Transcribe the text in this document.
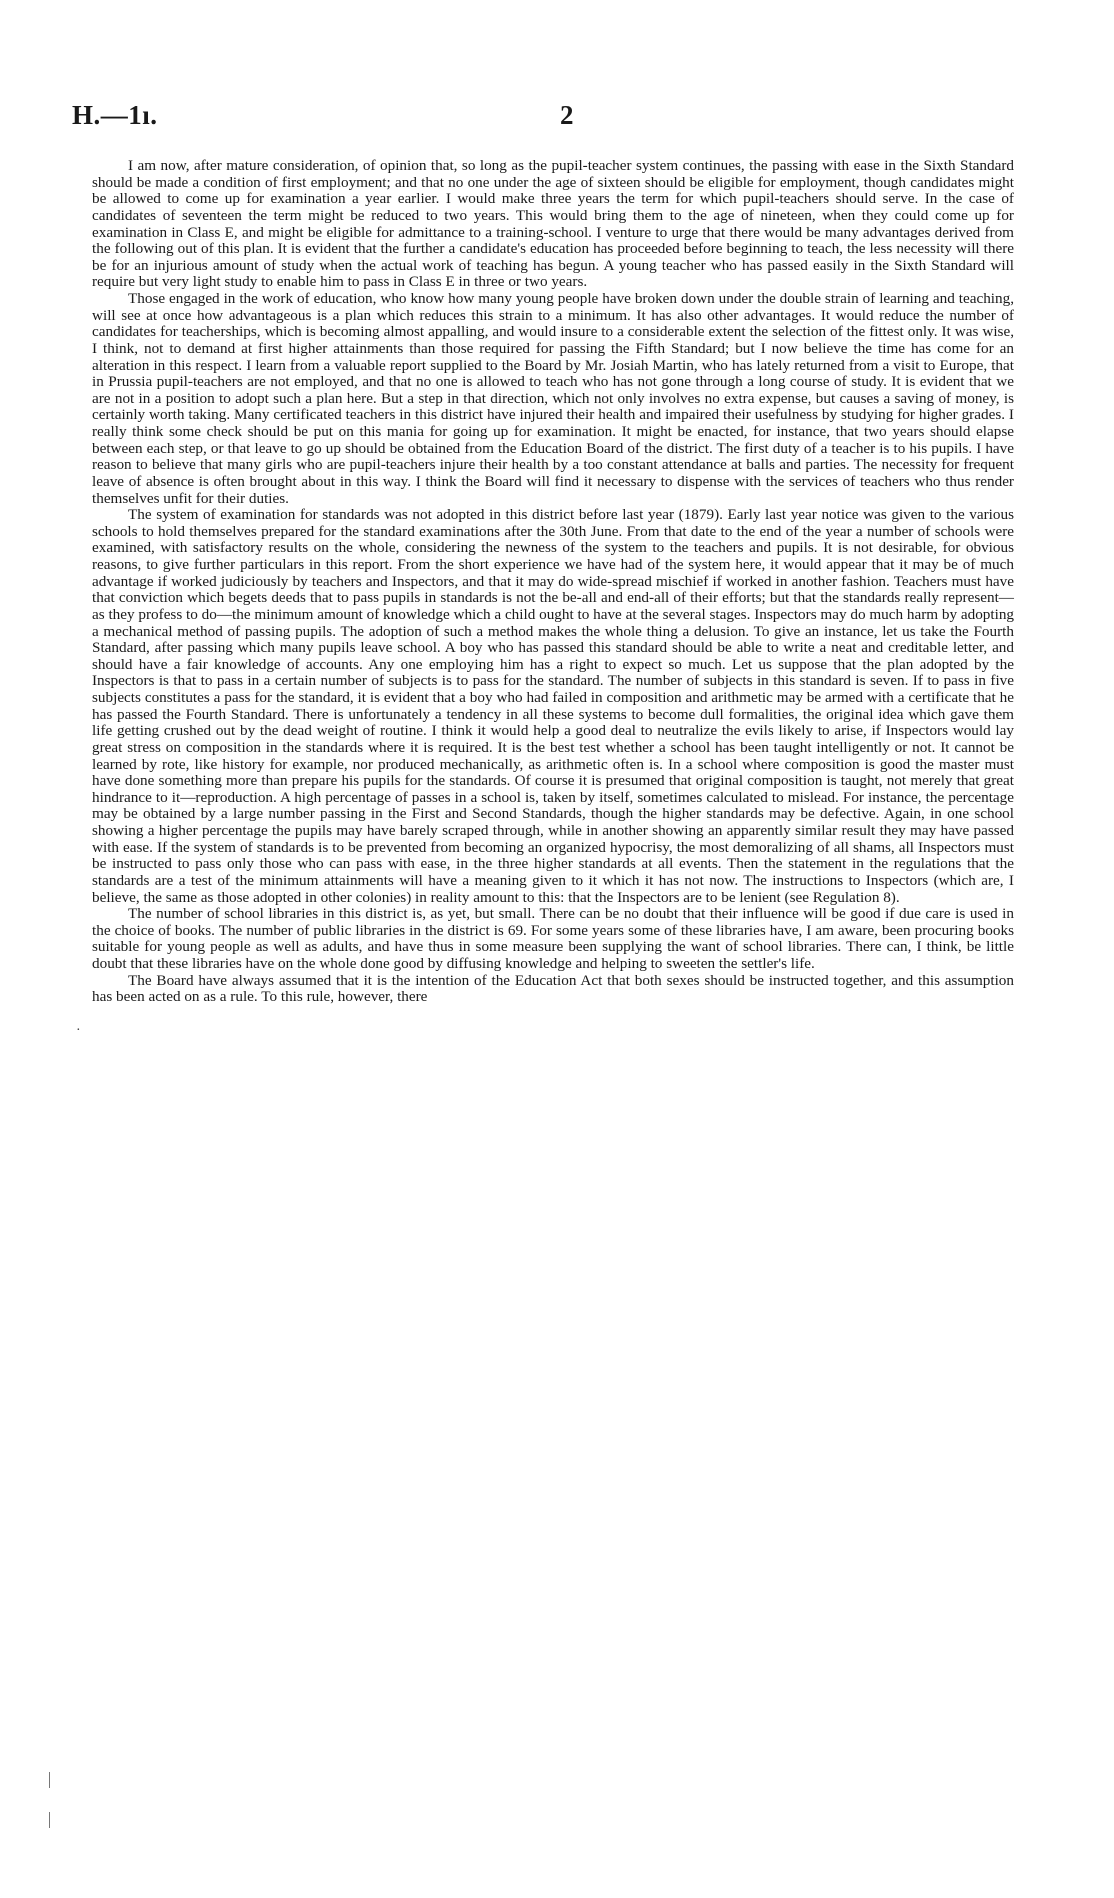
H.—1ı.	2

I am now, after mature consideration, of opinion that, so long as the pupil-teacher system continues, the passing with ease in the Sixth Standard should be made a condition of first employment; and that no one under the age of sixteen should be eligible for employment, though candidates might be allowed to come up for examination a year earlier. I would make three years the term for which pupil-teachers should serve. In the case of candidates of seventeen the term might be reduced to two years. This would bring them to the age of nineteen, when they could come up for examination in Class E, and might be eligible for admittance to a training-school. I venture to urge that there would be many advantages derived from the following out of this plan. It is evident that the further a candidate's education has proceeded before beginning to teach, the less necessity will there be for an injurious amount of study when the actual work of teaching has begun. A young teacher who has passed easily in the Sixth Standard will require but very light study to enable him to pass in Class E in three or two years.

Those engaged in the work of education, who know how many young people have broken down under the double strain of learning and teaching, will see at once how advantageous is a plan which reduces this strain to a minimum. It has also other advantages. It would reduce the number of candidates for teacherships, which is becoming almost appalling, and would insure to a considerable extent the selection of the fittest only. It was wise, I think, not to demand at first higher attainments than those required for passing the Fifth Standard; but I now believe the time has come for an alteration in this respect. I learn from a valuable report supplied to the Board by Mr. Josiah Martin, who has lately returned from a visit to Europe, that in Prussia pupil-teachers are not employed, and that no one is allowed to teach who has not gone through a long course of study. It is evident that we are not in a position to adopt such a plan here. But a step in that direction, which not only involves no extra expense, but causes a saving of money, is certainly worth taking. Many certificated teachers in this district have injured their health and impaired their usefulness by studying for higher grades. I really think some check should be put on this mania for going up for examination. It might be enacted, for instance, that two years should elapse between each step, or that leave to go up should be obtained from the Education Board of the district. The first duty of a teacher is to his pupils. I have reason to believe that many girls who are pupil-teachers injure their health by a too constant attendance at balls and parties. The necessity for frequent leave of absence is often brought about in this way. I think the Board will find it necessary to dispense with the services of teachers who thus render themselves unfit for their duties.

The system of examination for standards was not adopted in this district before last year (1879). Early last year notice was given to the various schools to hold themselves prepared for the standard examinations after the 30th June. From that date to the end of the year a number of schools were examined, with satisfactory results on the whole, considering the newness of the system to the teachers and pupils. It is not desirable, for obvious reasons, to give further particulars in this report. From the short experience we have had of the system here, it would appear that it may be of much advantage if worked judiciously by teachers and Inspectors, and that it may do wide-spread mischief if worked in another fashion. Teachers must have that conviction which begets deeds that to pass pupils in standards is not the be-all and end-all of their efforts; but that the standards really represent—as they profess to do—the minimum amount of knowledge which a child ought to have at the several stages. Inspectors may do much harm by adopting a mechanical method of passing pupils. The adoption of such a method makes the whole thing a delusion. To give an instance, let us take the Fourth Standard, after passing which many pupils leave school. A boy who has passed this standard should be able to write a neat and creditable letter, and should have a fair knowledge of accounts. Any one employing him has a right to expect so much. Let us suppose that the plan adopted by the Inspectors is that to pass in a certain number of subjects is to pass for the standard. The number of subjects in this standard is seven. If to pass in five subjects constitutes a pass for the standard, it is evident that a boy who had failed in composition and arithmetic may be armed with a certificate that he has passed the Fourth Standard. There is unfortunately a tendency in all these systems to become dull formalities, the original idea which gave them life getting crushed out by the dead weight of routine. I think it would help a good deal to neutralize the evils likely to arise, if Inspectors would lay great stress on composition in the standards where it is required. It is the best test whether a school has been taught intelligently or not. It cannot be learned by rote, like history for example, nor produced mechanically, as arithmetic often is. In a school where composition is good the master must have done something more than prepare his pupils for the standards. Of course it is presumed that original composition is taught, not merely that great hindrance to it—reproduction. A high percentage of passes in a school is, taken by itself, sometimes calculated to mislead. For instance, the percentage may be obtained by a large number passing in the First and Second Standards, though the higher standards may be defective. Again, in one school showing a higher percentage the pupils may have barely scraped through, while in another showing an apparently similar result they may have passed with ease. If the system of standards is to be prevented from becoming an organized hypocrisy, the most demoralizing of all shams, all Inspectors must be instructed to pass only those who can pass with ease, in the three higher standards at all events. Then the statement in the regulations that the standards are a test of the minimum attainments will have a meaning given to it which it has not now. The instructions to Inspectors (which are, I believe, the same as those adopted in other colonies) in reality amount to this: that the Inspectors are to be lenient (see Regulation 8).

The number of school libraries in this district is, as yet, but small. There can be no doubt that their influence will be good if due care is used in the choice of books. The number of public libraries in the district is 69. For some years some of these libraries have, I am aware, been procuring books suitable for young people as well as adults, and have thus in some measure been supplying the want of school libraries. There can, I think, be little doubt that these libraries have on the whole done good by diffusing knowledge and helping to sweeten the settler's life.

The Board have always assumed that it is the intention of the Education Act that both sexes should be instructed together, and this assumption has been acted on as a rule. To this rule, however, there

·
